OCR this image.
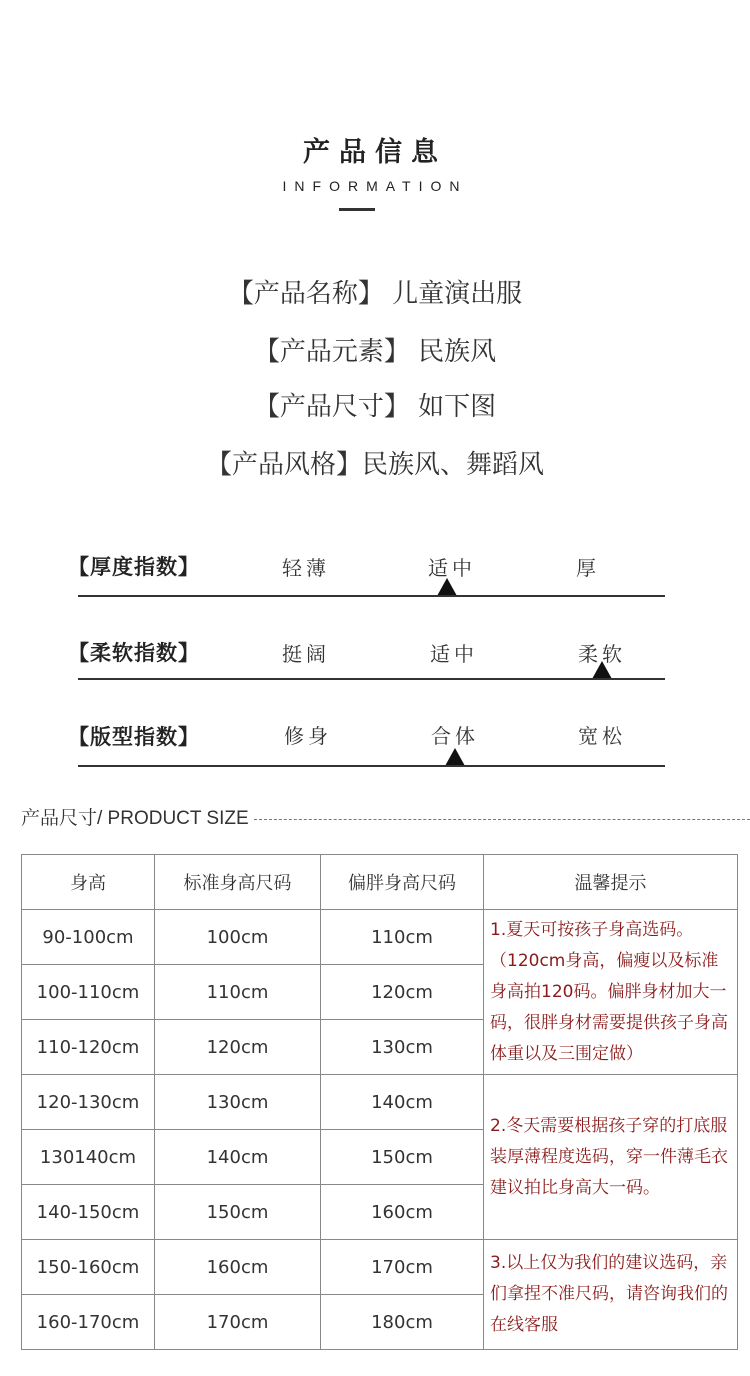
产品信息
INFORMATION
【产品名称】 儿童演出服
【产品元素】 民族风
【产品尺寸】 如下图
【产品风格】民族风、舞蹈风
【厚度指数】	轻薄	适中	厚
【柔软指数】	挺阔	适中	柔软
【版型指数】	修身	合体	宽松
产品尺寸/ PRODUCT SIZE
身高	标准身高尺码	偏胖身高尺码	温馨提示
90-100cm	100cm	110cm	1.夏天可按孩子身高选码。（120cm身高，偏瘦以及标准身高拍120码。偏胖身材加大一码，很胖身材需要提供孩子身高体重以及三围定做）
100-110cm	110cm	120cm	
110-120cm	120cm	130cm	
120-130cm	130cm	140cm	2.冬天需要根据孩子穿的打底服装厚薄程度选码，穿一件薄毛衣建议拍比身高大一码。
130140cm	140cm	150cm	
140-150cm	150cm	160cm	
150-160cm	160cm	170cm	3.以上仅为我们的建议选码，亲们拿捏不准尺码，请咨询我们的在线客服
160-170cm	170cm	180cm	
